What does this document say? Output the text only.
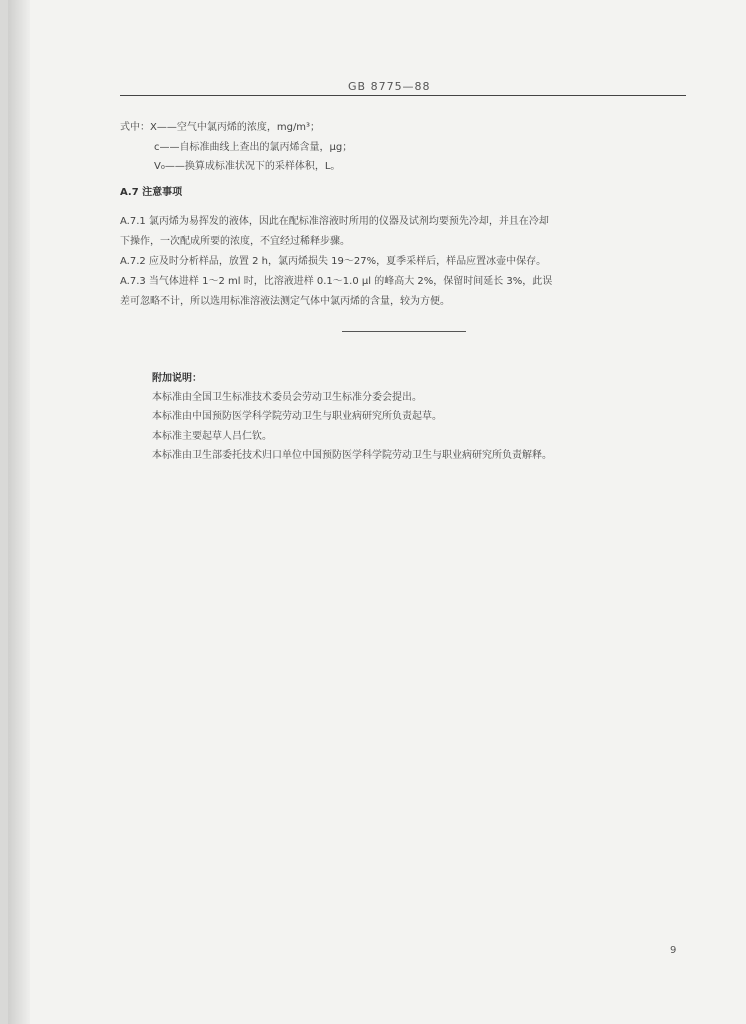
GB 8775—88
式中：X——空气中氯丙烯的浓度，mg/m³；
c——自标准曲线上查出的氯丙烯含量，μg；
V₀——换算成标准状况下的采样体积，L。
A.7 注意事项
A.7.1 氯丙烯为易挥发的液体，因此在配标准溶液时所用的仪器及试剂均要预先冷却，并且在冷却
下操作，一次配成所要的浓度，不宜经过稀释步骤。
A.7.2 应及时分析样品，放置 2 h，氯丙烯损失 19～27%，夏季采样后，样品应置冰壶中保存。
A.7.3 当气体进样 1～2 ml 时，比溶液进样 0.1～1.0 μl 的峰高大 2%，保留时间延长 3%，此误
差可忽略不计，所以选用标准溶液法测定气体中氯丙烯的含量，较为方便。
附加说明：
本标准由全国卫生标准技术委员会劳动卫生标准分委会提出。
本标准由中国预防医学科学院劳动卫生与职业病研究所负责起草。
本标准主要起草人吕仁钦。
本标准由卫生部委托技术归口单位中国预防医学科学院劳动卫生与职业病研究所负责解释。
9
